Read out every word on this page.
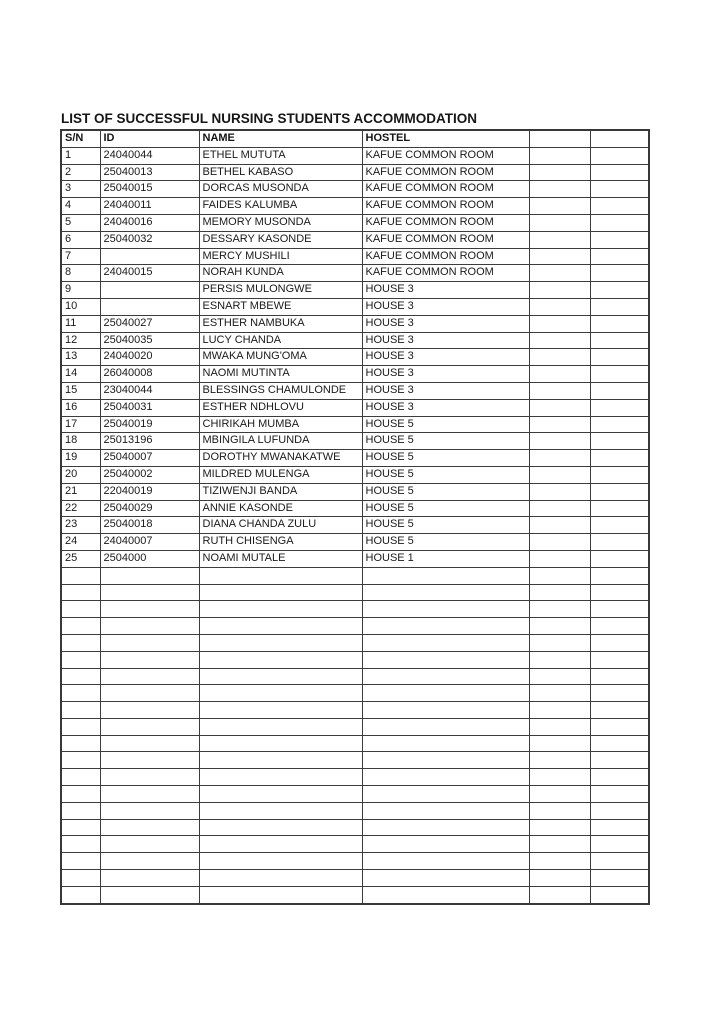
LIST OF SUCCESSFUL NURSING STUDENTS ACCOMMODATION
S/N	ID	NAME	HOSTEL		
1	24040044	ETHEL MUTUTA	KAFUE COMMON ROOM		
2	25040013	BETHEL KABASO	KAFUE COMMON ROOM		
3	25040015	DORCAS MUSONDA	KAFUE COMMON ROOM		
4	24040011	FAIDES KALUMBA	KAFUE COMMON ROOM		
5	24040016	MEMORY MUSONDA	KAFUE COMMON ROOM		
6	25040032	DESSARY KASONDE	KAFUE COMMON ROOM		
7		MERCY MUSHILI	KAFUE COMMON ROOM		
8	24040015	NORAH KUNDA	KAFUE COMMON ROOM		
9		PERSIS MULONGWE	HOUSE 3		
10		ESNART MBEWE	HOUSE 3		
11	25040027	ESTHER NAMBUKA	HOUSE 3		
12	25040035	LUCY CHANDA	HOUSE 3		
13	24040020	MWAKA MUNG'OMA	HOUSE 3		
14	26040008	NAOMI MUTINTA	HOUSE 3		
15	23040044	BLESSINGS CHAMULONDE	HOUSE 3		
16	25040031	ESTHER NDHLOVU	HOUSE 3		
17	25040019	CHIRIKAH MUMBA	HOUSE 5		
18	25013196	MBINGILA LUFUNDA	HOUSE 5		
19	25040007	DOROTHY MWANAKATWE	HOUSE 5		
20	25040002	MILDRED MULENGA	HOUSE 5		
21	22040019	TIZIWENJI BANDA	HOUSE 5		
22	25040029	ANNIE KASONDE	HOUSE 5		
23	25040018	DIANA CHANDA ZULU	HOUSE 5		
24	24040007	RUTH CHISENGA	HOUSE 5		
25	2504000	NOAMI MUTALE	HOUSE 1		
